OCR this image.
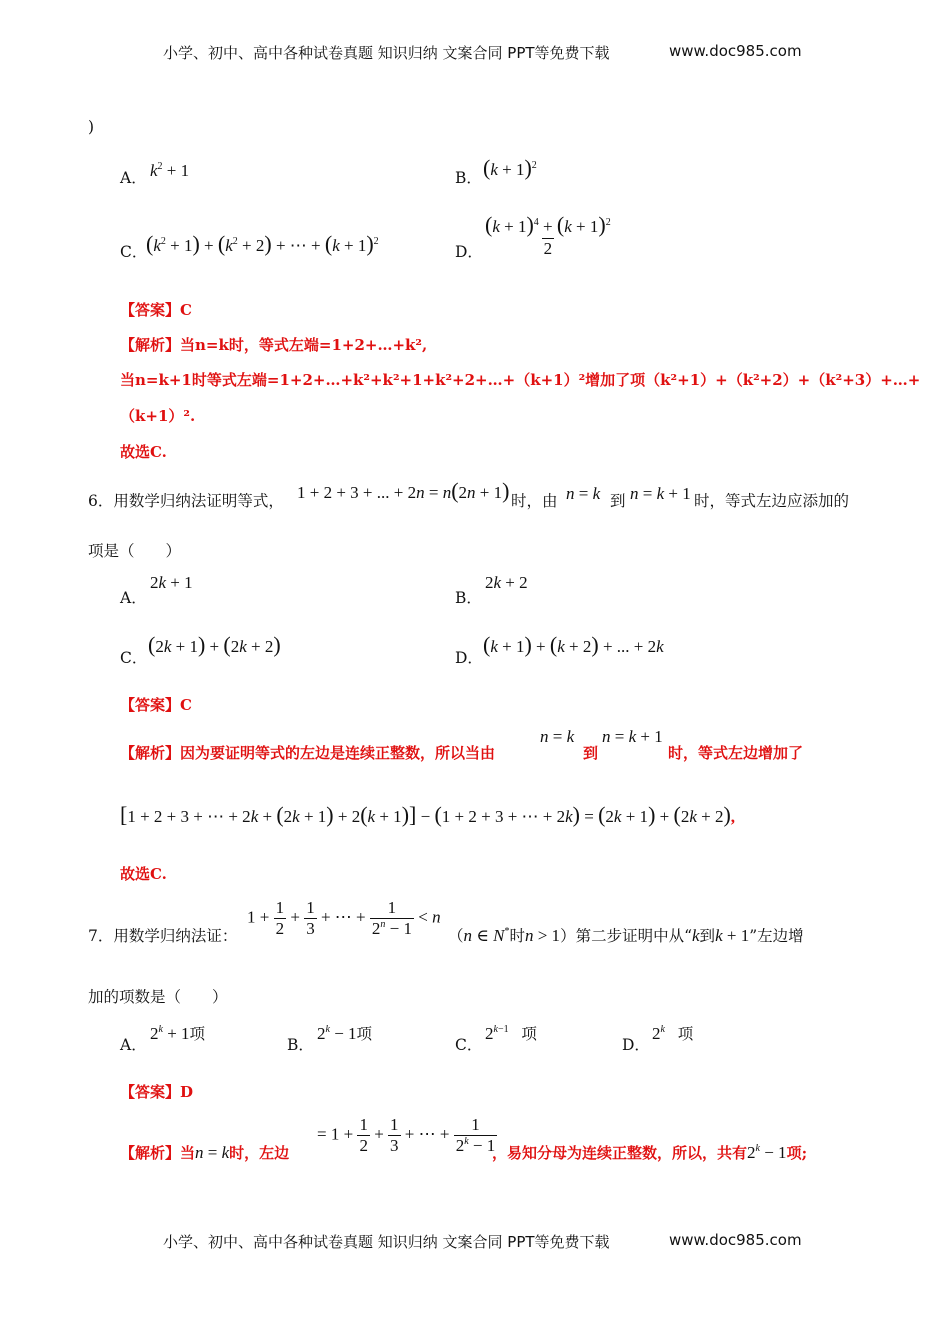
小学、初中、高中各种试卷真题 知识归纳 文案合同 PPT等免费下载	www.doc985.com
)
A． $k^2 + 1$	B． $(k + 1)^2$
C．
$(k^2 + 1) + (k^2 + 2)$ + ⋯ + $(k + 1)^2$
D． $\frac{(k + 1)^4 + (k + 1)^2}{2}$
【答案】C
【解析】当n=k时，等式左端=1+2+…+k²,
当n=k+1时等式左端=1+2+…+k²+k²+1+k²+2+…+（k+1）²增加了项（k²+1）+（k²+2）+（k²+3）+…+
（k+1）².
故选C.
6．用数学归纳法证明等式， 1 + 2 + 3 + ... + 2n = n(2n + 1) 时，由 n = k 到 n = k + 1 时，等式左边应添加的
项是（　　）
A．
2k + 1
B．
2k + 2
C．
(2k + 1) + (2k + 2)
D．
(k + 1) + (k + 2) + ... + 2k
【答案】C
【解析】因为要证明等式的左边是连续正整数，所以当由
n = k
到
n = k + 1
时，等式左边增加了
[1 + 2 + 3 + ⋯ + 2k + (2k + 1) + 2(k + 1)] − (1 + 2 + 3 + ⋯ + 2k) = (2k + 1) + (2k + 2),
故选C.
7．用数学归纳法证：
$1 + \frac{1}{2} + \frac{1}{3}$ + ⋯ + $\frac{1}{2^n - 1} < n$
（n ∈ N*时n > 1）第二步证明中从“k到k + 1”左边增
加的项数是（　　）
A．
$2^k + 1$项
B．
$2^k - 1$项
C．
$2^{k-1}$ 项
D．
2$^k$ 项
【答案】D
【解析】当n = k时，左边
= $1 + \frac{1}{2} + \frac{1}{3}$ + ⋯ + $\frac{1}{2^k - 1}$
，易知分母为连续正整数，所以，共有$2^k - 1$项;
小学、初中、高中各种试卷真题 知识归纳 文案合同 PPT等免费下载	www.doc985.com
